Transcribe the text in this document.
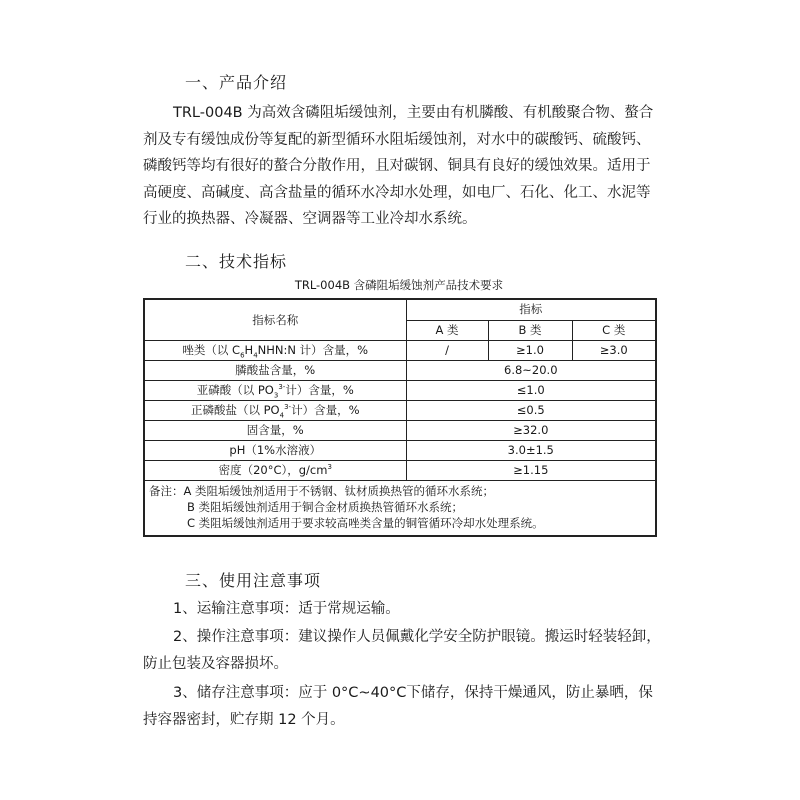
一、产品介绍
TRL-004B 为高效含磷阻垢缓蚀剂，主要由有机膦酸、有机酸聚合物、螯合
剂及专有缓蚀成份等复配的新型循环水阻垢缓蚀剂，对水中的碳酸钙、硫酸钙、
磷酸钙等均有很好的螯合分散作用，且对碳钢、铜具有良好的缓蚀效果。适用于
高硬度、高碱度、高含盐量的循环水冷却水处理，如电厂、石化、化工、水泥等
行业的换热器、冷凝器、空调器等工业冷却水系统。
二、技术指标
TRL-004B 含磷阻垢缓蚀剂产品技术要求
指标名称	指标		
	A 类	B 类	C 类
唑类（以 $C_6H_4NHN:N$ 计）含量，%	/	≥1.0	≥3.0
膦酸盐含量，%	6.8~20.0		
亚磷酸（以 $PO_3^{3-}$计）含量，%	≤1.0		
正磷酸盐（以 $PO_4^{3-}$计）含量，%	≤0.5		
固含量，%	≥32.0		
pH（1%水溶液）	3.0±1.5		
密度（20°C），$g/cm^3$	≥1.15		

备注：A 类阻垢缓蚀剂适用于不锈钢、钛材质换热管的循环水系统；
B 类阻垢缓蚀剂适用于铜合金材质换热管循环水系统；
C 类阻垢缓蚀剂适用于要求较高唑类含量的铜管循环冷却水处理系统。			
三、使用注意事项
1、运输注意事项：适于常规运输。
2、操作注意事项：建议操作人员佩戴化学安全防护眼镜。搬运时轻装轻卸，
防止包装及容器损坏。
3、储存注意事项：应于 0°C~40°C下储存，保持干燥通风，防止暴晒，保
持容器密封，贮存期 12 个月。
